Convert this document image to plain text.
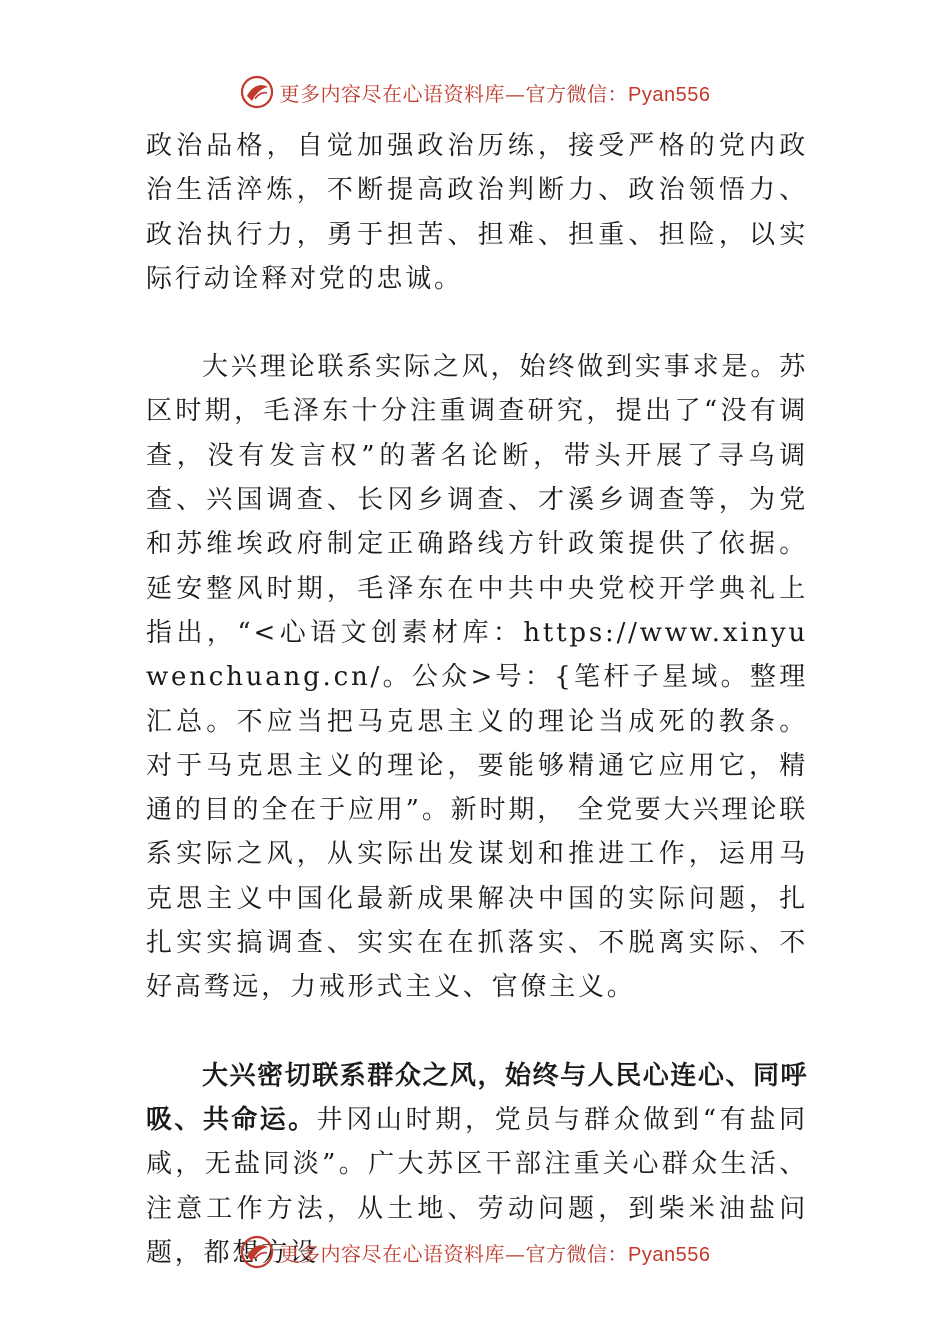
更多内容尽在心语资料库—官方微信：Pyan556

政治品格，自觉加强政治历练，接受严格的党内政治生活淬炼，不断提高政治判断力、政治领悟力、政治执行力，勇于担苦、担难、担重、担险，以实际行动诠释对党的忠诚。

大兴理论联系实际之风，始终做到实事求是。苏区时期，毛泽东十分注重调查研究，提出了“没有调查，没有发言权”的著名论断，带头开展了寻乌调查、兴国调查、长冈乡调查、才溪乡调查等，为党和苏维埃政府制定正确路线方针政策提供了依据。延安整风时期，毛泽东在中共中央党校开学典礼上指出，“<心语文创素材库：https://www.xinyuwenchuang.cn/。公众>号：{笔杆子星域。整理汇总。不应当把马克思主义的理论当成死的教条。对于马克思主义的理论，要能够精通它应用它，精通的目的全在于应用”。新时期， 全党要大兴理论联系实际之风，从实际出发谋划和推进工作，运用马克思主义中国化最新成果解决中国的实际问题，扎扎实实搞调查、实实在在抓落实、不脱离实际、不好高骛远，力戒形式主义、官僚主义。

大兴密切联系群众之风，始终与人民心连心、同呼吸、共命运。井冈山时期，党员与群众做到“有盐同咸，无盐同淡”。广大苏区干部注重关心群众生活、注意工作方法，从土地、劳动问题，到柴米油盐问题，都想方设

更多内容尽在心语资料库—官方微信：Pyan556
